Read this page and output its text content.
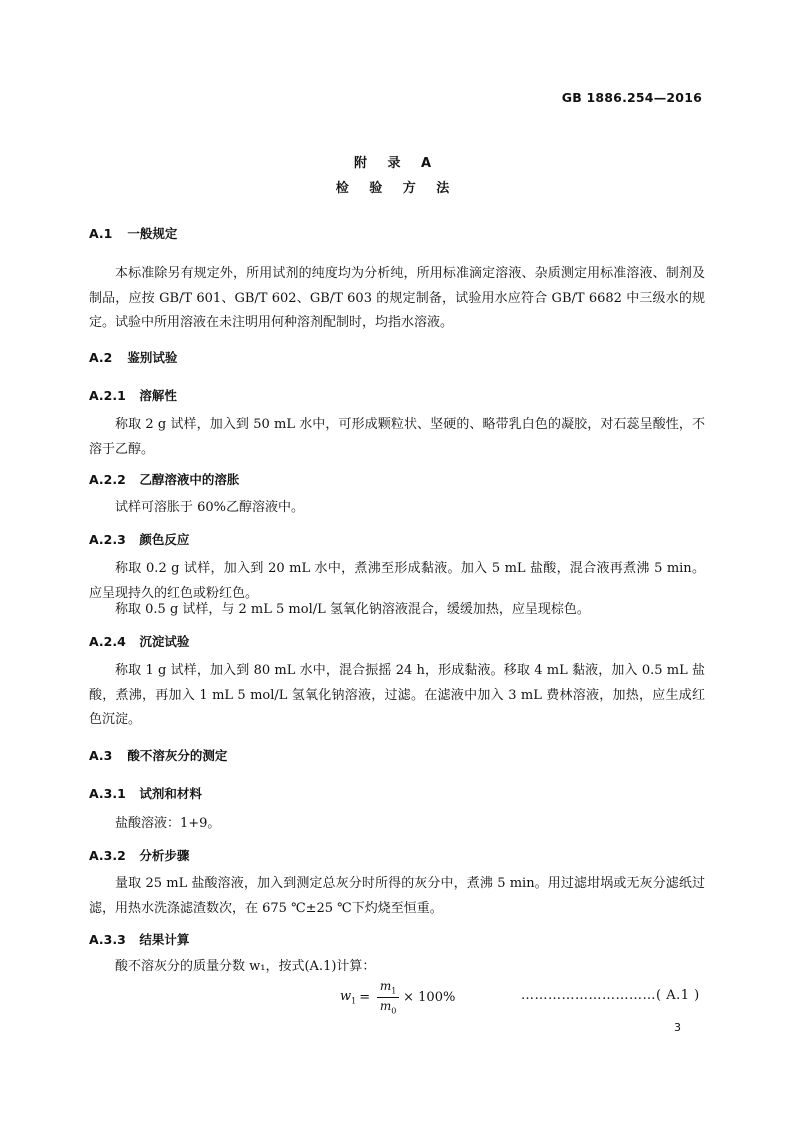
GB 1886.254—2016
附 录 A
检 验 方 法
A.1 一般规定
本标准除另有规定外，所用试剂的纯度均为分析纯，所用标准滴定溶液、杂质测定用标准溶液、制剂及制品，应按 GB/T 601、GB/T 602、GB/T 603 的规定制备，试验用水应符合 GB/T 6682 中三级水的规定。试验中所用溶液在未注明用何种溶剂配制时，均指水溶液。
A.2 鉴别试验
A.2.1 溶解性
称取 2 g 试样，加入到 50 mL 水中，可形成颗粒状、坚硬的、略带乳白色的凝胶，对石蕊呈酸性，不溶于乙醇。
A.2.2 乙醇溶液中的溶胀
试样可溶胀于 60%乙醇溶液中。
A.2.3 颜色反应
称取 0.2 g 试样，加入到 20 mL 水中，煮沸至形成黏液。加入 5 mL 盐酸，混合液再煮沸 5 min。应呈现持久的红色或粉红色。
称取 0.5 g 试样，与 2 mL 5 mol/L 氢氧化钠溶液混合，缓缓加热，应呈现棕色。
A.2.4 沉淀试验
称取 1 g 试样，加入到 80 mL 水中，混合振摇 24 h，形成黏液。移取 4 mL 黏液，加入 0.5 mL 盐酸，煮沸，再加入 1 mL 5 mol/L 氢氧化钠溶液，过滤。在滤液中加入 3 mL 费林溶液，加热，应生成红色沉淀。
A.3 酸不溶灰分的测定
A.3.1 试剂和材料
盐酸溶液：1+9。
A.3.2 分析步骤
量取 25 mL 盐酸溶液，加入到测定总灰分时所得的灰分中，煮沸 5 min。用过滤坩埚或无灰分滤纸过滤，用热水洗涤滤渣数次，在 675 ℃±25 ℃下灼烧至恒重。
A.3.3 结果计算
酸不溶灰分的质量分数 w₁，按式(A.1)计算：
$w_1 = \frac{m_1}{m_0} \times 100\%$	…………………………( A.1 )
3
